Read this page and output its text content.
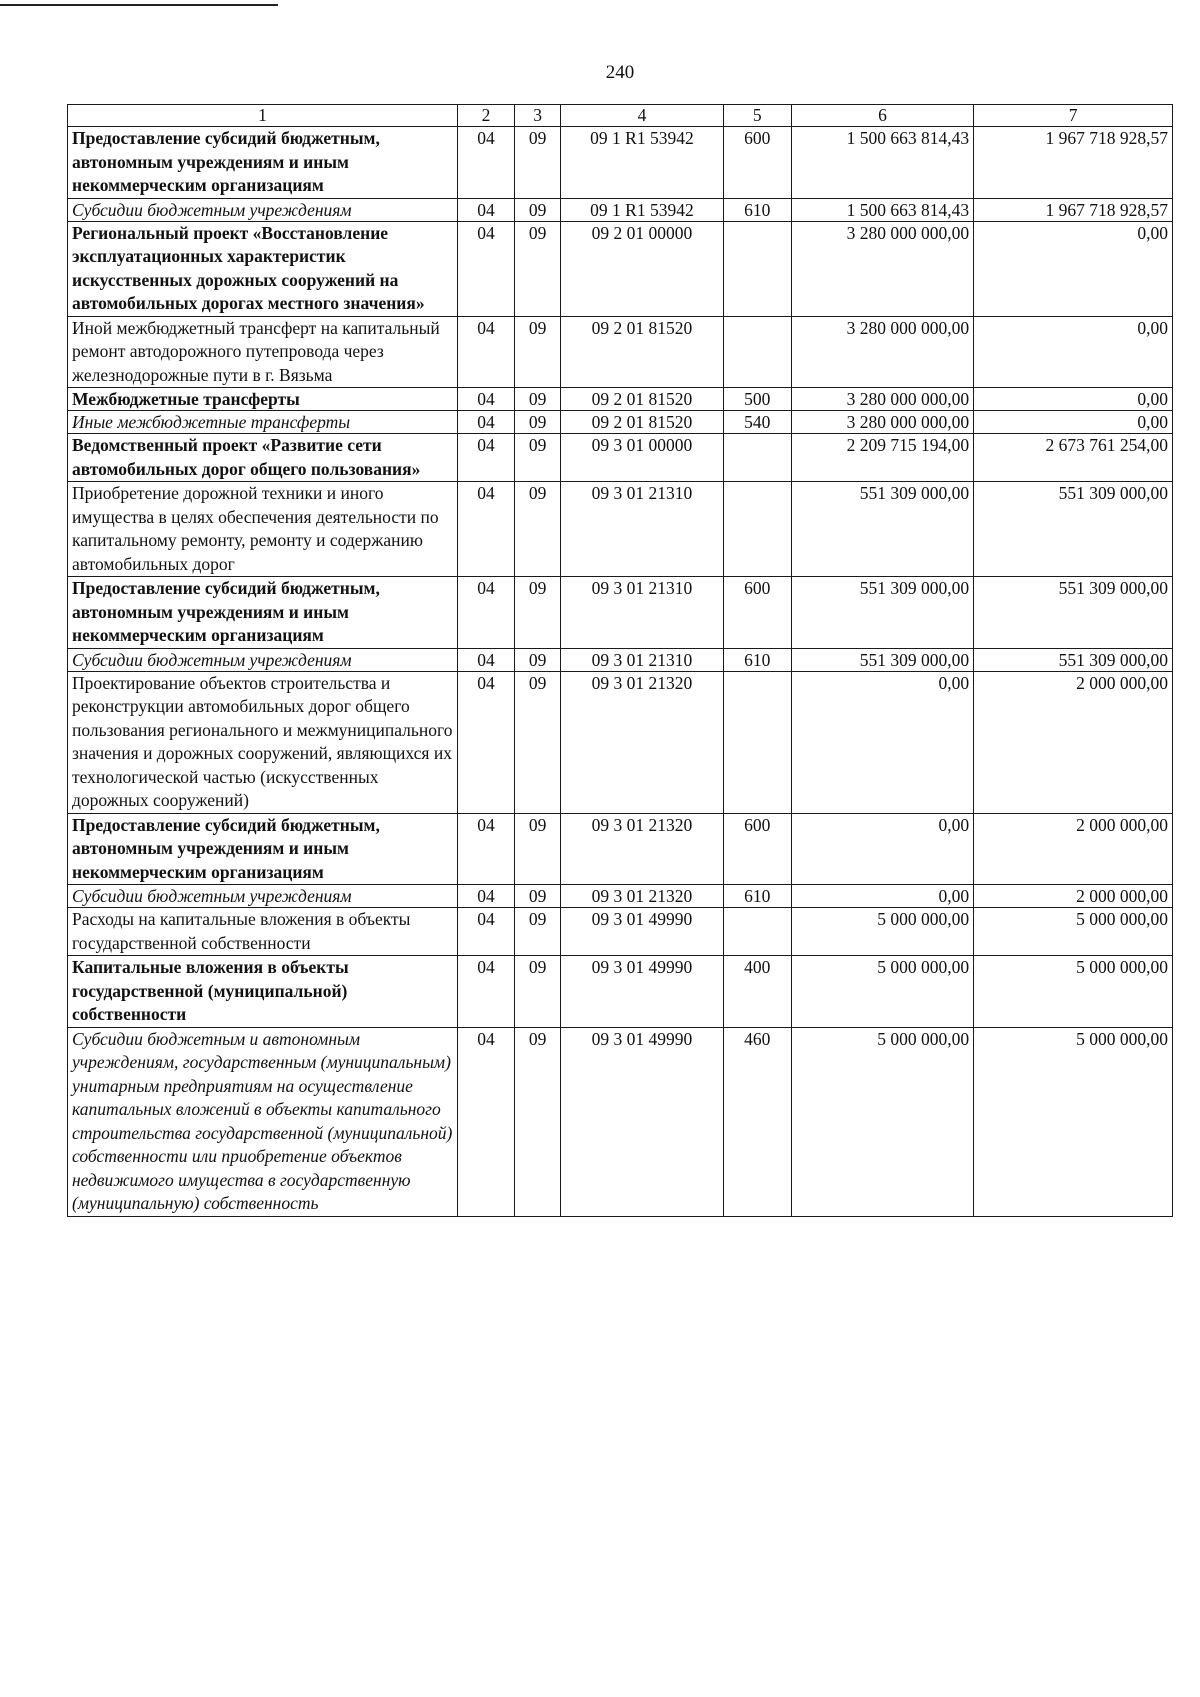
240
1	2	3	4	5	6	7
Предоставление субсидий бюджетным, автономным учреждениям и иным некоммерческим организациям	04	09	09 1 R1 53942	600	1 500 663 814,43	1 967 718 928,57
Субсидии бюджетным учреждениям	04	09	09 1 R1 53942	610	1 500 663 814,43	1 967 718 928,57
Региональный проект «Восстановление эксплуатационных характеристик искусственных дорожных сооружений на автомобильных дорогах местного значения»	04	09	09 2 01 00000		3 280 000 000,00	0,00
Иной межбюджетный трансферт на капитальный ремонт автодорожного путепровода через железнодорожные пути в г. Вязьма	04	09	09 2 01 81520		3 280 000 000,00	0,00
Межбюджетные трансферты	04	09	09 2 01 81520	500	3 280 000 000,00	0,00
Иные межбюджетные трансферты	04	09	09 2 01 81520	540	3 280 000 000,00	0,00
Ведомственный проект «Развитие сети автомобильных дорог общего пользования»	04	09	09 3 01 00000		2 209 715 194,00	2 673 761 254,00
Приобретение дорожной техники и иного имущества в целях обеспечения деятельности по капитальному ремонту, ремонту и содержанию автомобильных дорог	04	09	09 3 01 21310		551 309 000,00	551 309 000,00
Предоставление субсидий бюджетным, автономным учреждениям и иным некоммерческим организациям	04	09	09 3 01 21310	600	551 309 000,00	551 309 000,00
Субсидии бюджетным учреждениям	04	09	09 3 01 21310	610	551 309 000,00	551 309 000,00
Проектирование объектов строительства и реконструкции автомобильных дорог общего пользования регионального и межмуниципального значения и дорожных сооружений, являющихся их технологической частью (искусственных дорожных сооружений)	04	09	09 3 01 21320		0,00	2 000 000,00
Предоставление субсидий бюджетным, автономным учреждениям и иным некоммерческим организациям	04	09	09 3 01 21320	600	0,00	2 000 000,00
Субсидии бюджетным учреждениям	04	09	09 3 01 21320	610	0,00	2 000 000,00
Расходы на капитальные вложения в объекты государственной собственности	04	09	09 3 01 49990		5 000 000,00	5 000 000,00
Капитальные вложения в объекты государственной (муниципальной) собственности	04	09	09 3 01 49990	400	5 000 000,00	5 000 000,00
Субсидии бюджетным и автономным учреждениям, государственным (муниципальным) унитарным предприятиям на осуществление капитальных вложений в объекты капитального строительства государственной (муниципальной) собственности или приобретение объектов недвижимого имущества в государственную (муниципальную) собственность	04	09	09 3 01 49990	460	5 000 000,00	5 000 000,00
